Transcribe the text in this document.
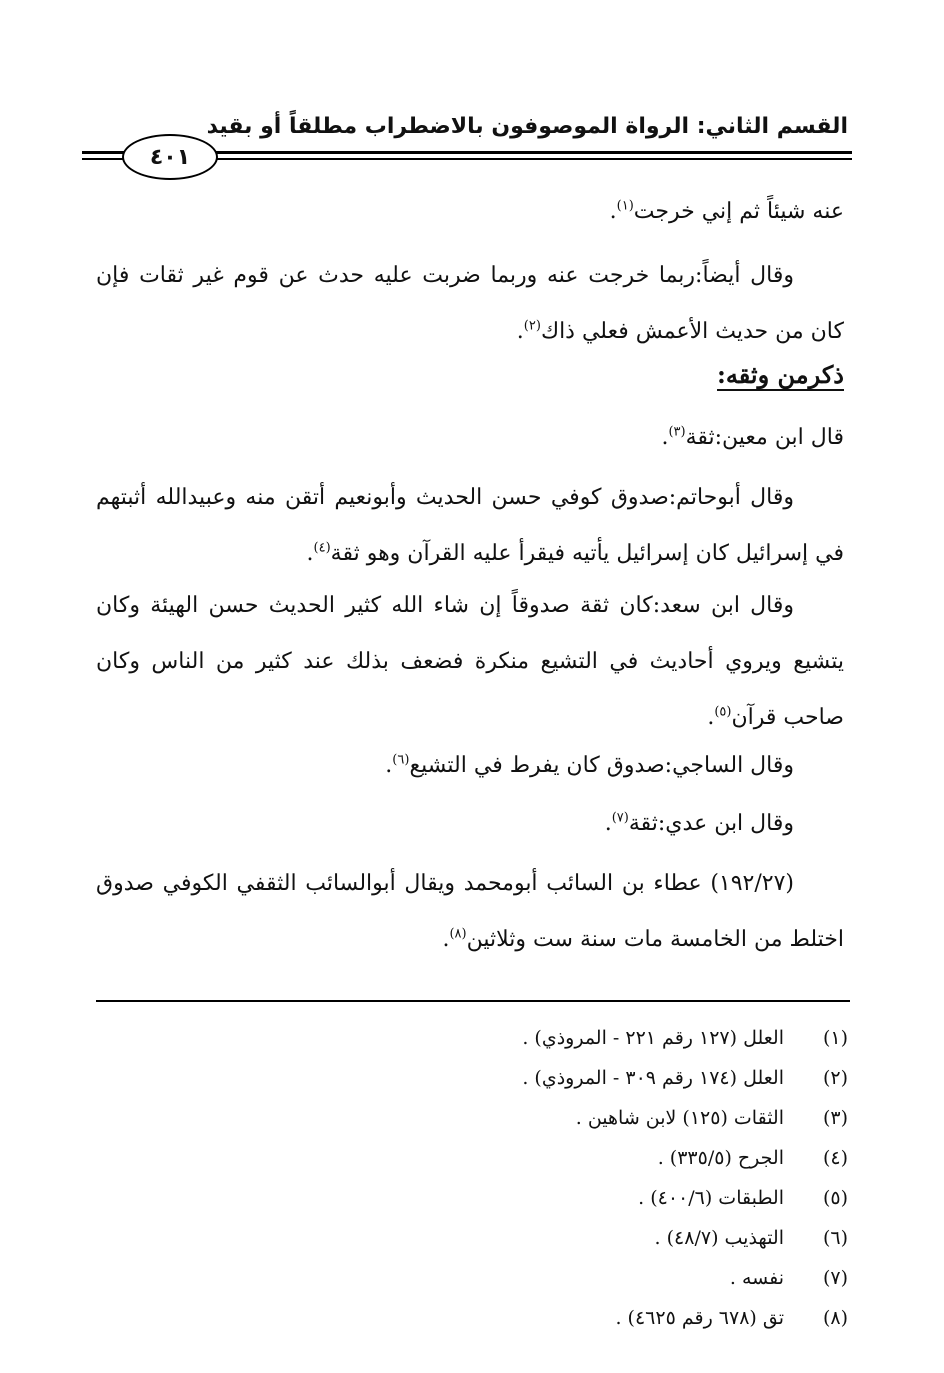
القسم الثاني: الرواة الموصوفون بالاضطراب مطلقاً أو بقيد
٤٠١
عنه شيئاً ثم إني خرجت$^{(١)}$.
وقال أيضاً:ربما خرجت عنه وربما ضربت عليه حدث عن قوم غير ثقات فإن كان من حديث الأعمش فعلي ذاك$^{(٢)}$.
ذكرمن وثقه:
قال ابن معين:ثقة$^{(٣)}$.
وقال أبوحاتم:صدوق كوفي حسن الحديث وأبونعيم أتقن منه وعبيدالله أثبتهم في إسرائيل كان إسرائيل يأتيه فيقرأ عليه القرآن وهو ثقة$^{(٤)}$.
وقال ابن سعد:كان ثقة صدوقاً إن شاء الله كثير الحديث حسن الهيئة وكان يتشيع ويروي أحاديث في التشيع منكرة فضعف بذلك عند كثير من الناس وكان صاحب قرآن$^{(٥)}$.
وقال الساجي:صدوق كان يفرط في التشيع$^{(٦)}$.
وقال ابن عدي:ثقة$^{(٧)}$.
(١٩٢/٢٧) عطاء بن السائب أبومحمد ويقال أبوالسائب الثقفي الكوفي صدوق اختلط من الخامسة مات سنة ست وثلاثين$^{(٨)}$.
(١)
العلل (١٢٧ رقم ٢٢١ - المروذي) .
(٢)
العلل (١٧٤ رقم ٣٠٩ - المروذي) .
(٣)
الثقات (١٢٥) لابن شاهين .
(٤)
الجرح (٣٣٥/٥) .
(٥)
الطبقات (٤٠٠/٦) .
(٦)
التهذيب (٤٨/٧) .
(٧)
نفسه .
(٨)
تق (٦٧٨ رقم ٤٦٢٥) .
